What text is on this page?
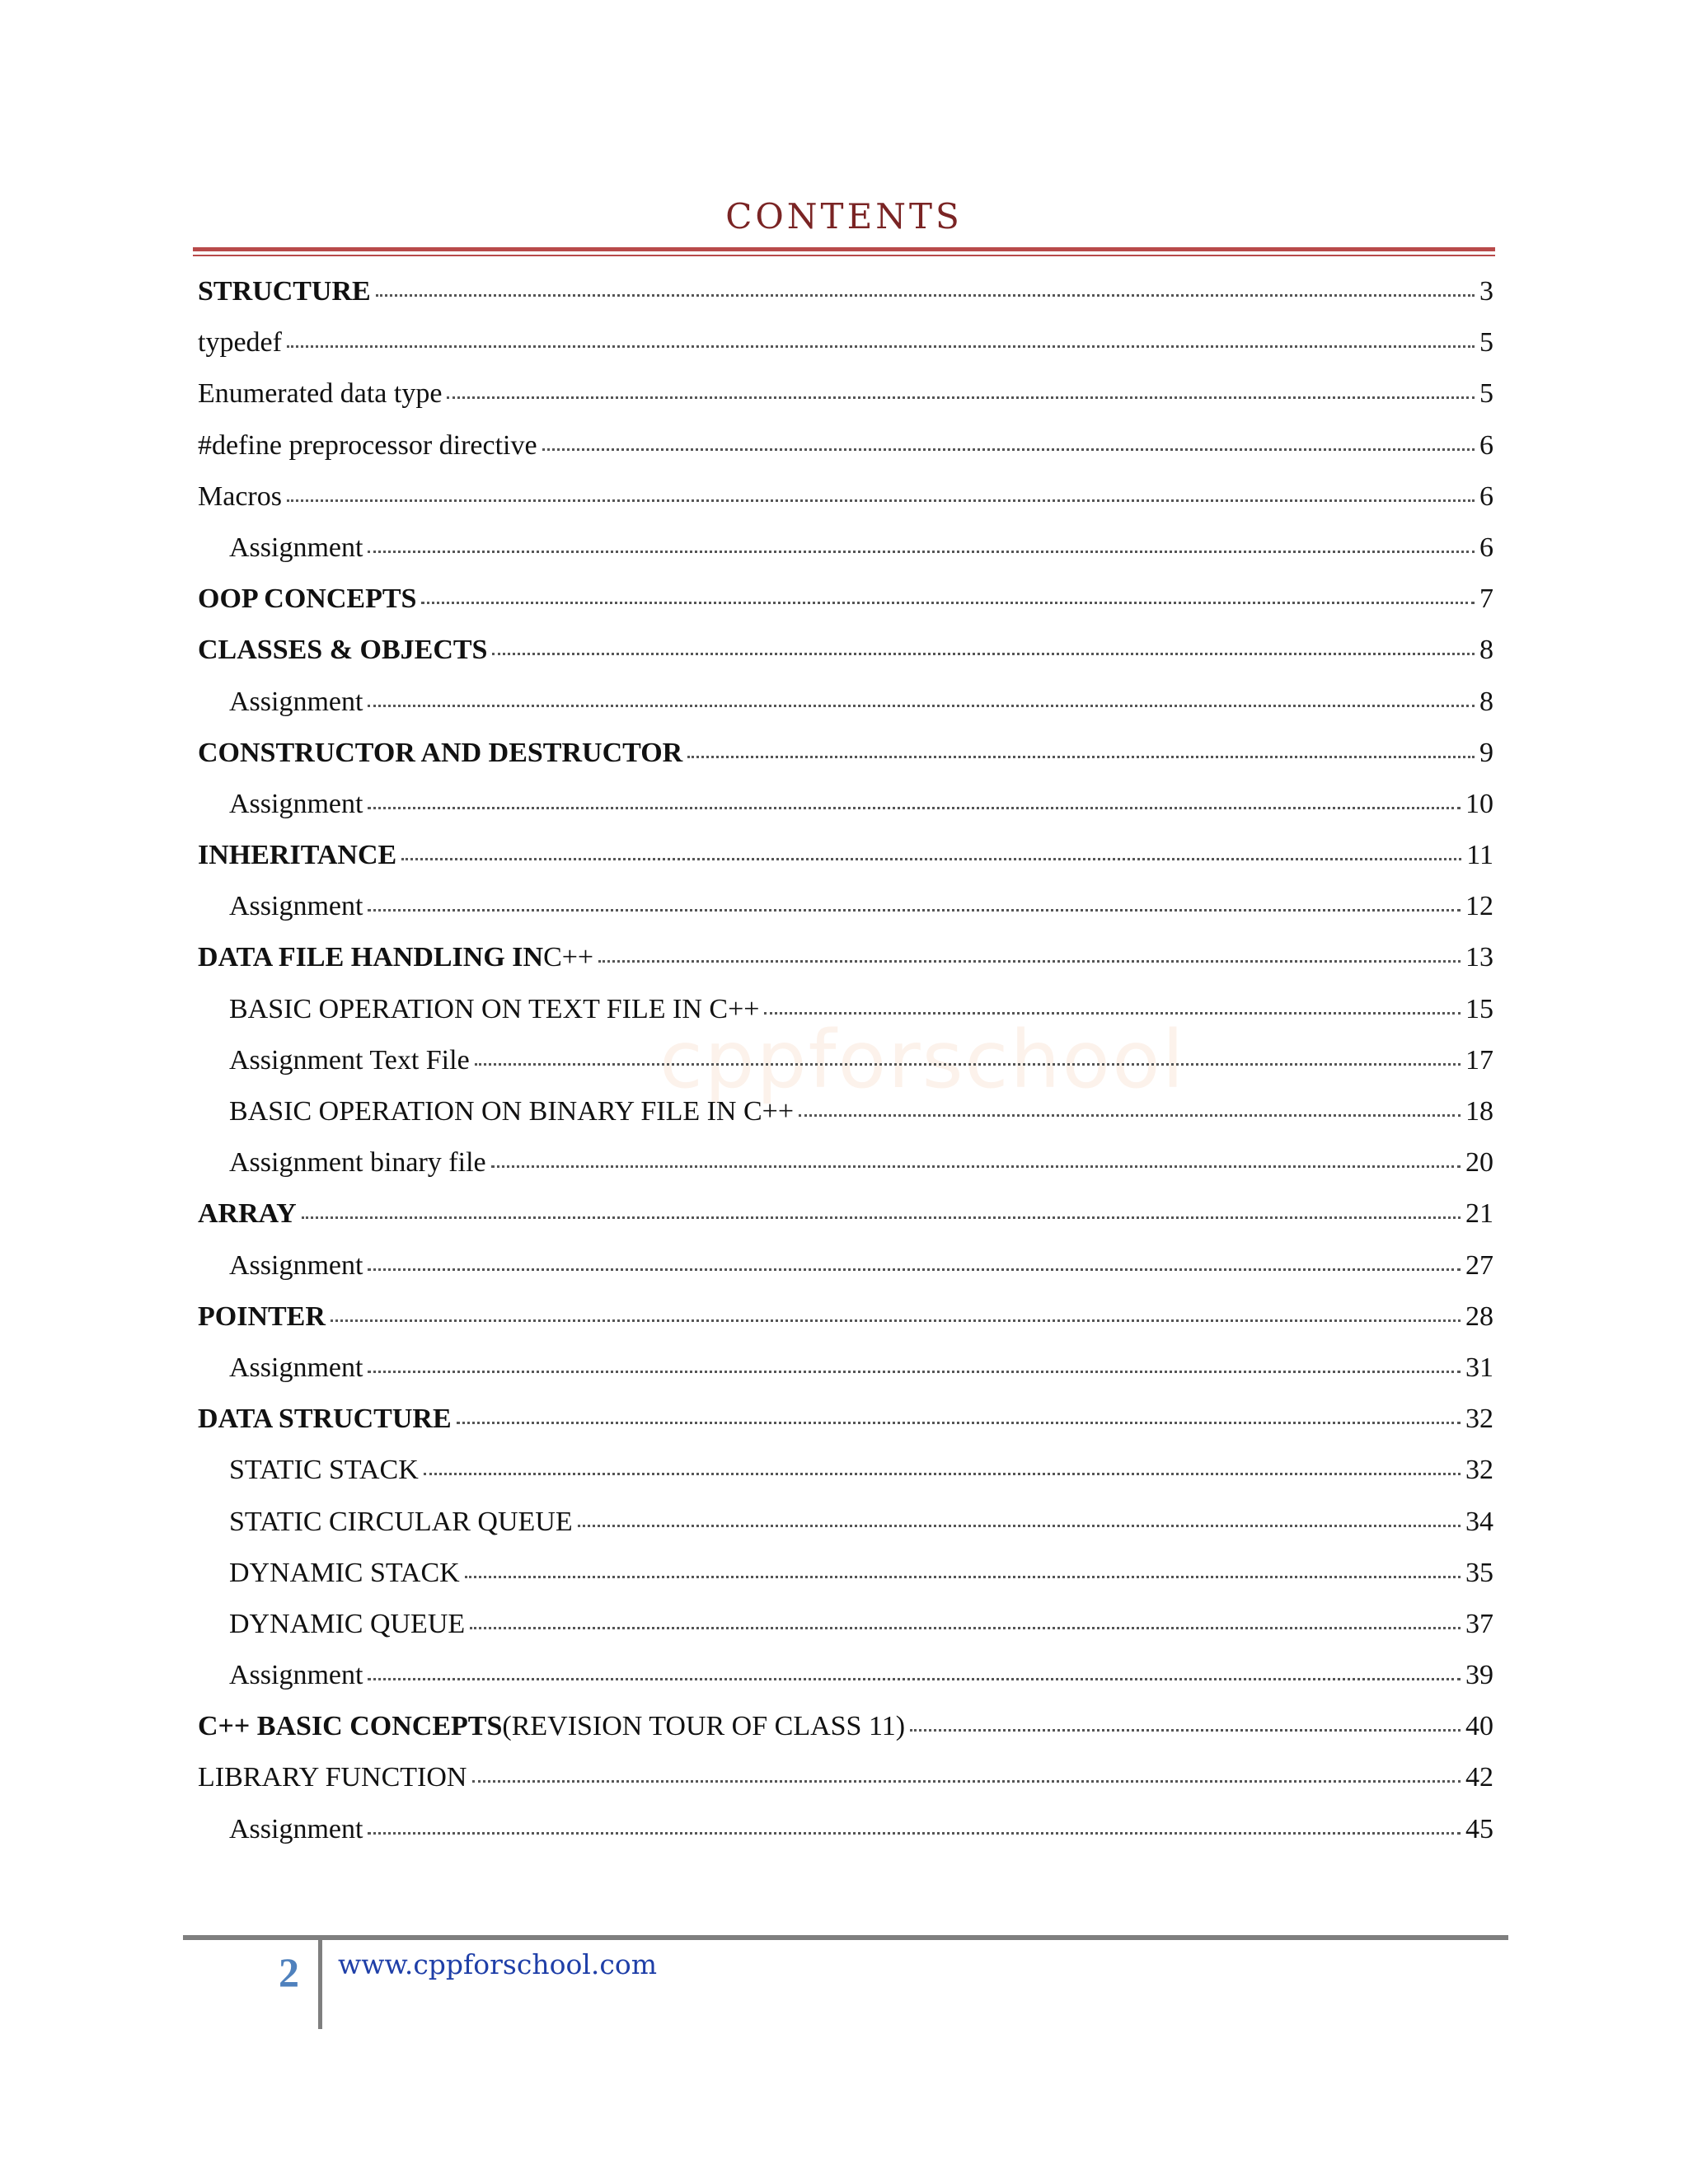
CONTENTS
cppforschool
STRUCTURE	3
typedef	5
Enumerated data type	5
#define preprocessor directive	6
Macros	6
Assignment	6
OOP CONCEPTS	7
CLASSES & OBJECTS	8
Assignment	8
CONSTRUCTOR AND DESTRUCTOR	9
Assignment	10
INHERITANCE	11
Assignment	12
DATA FILE HANDLING IN C++	13
BASIC OPERATION ON TEXT FILE IN C++	15
Assignment Text File	17
BASIC OPERATION ON BINARY FILE IN C++	18
Assignment binary file	20
ARRAY	21
Assignment	27
POINTER	28
Assignment	31
DATA STRUCTURE	32
STATIC STACK	32
STATIC CIRCULAR QUEUE	34
DYNAMIC STACK	35
DYNAMIC QUEUE	37
Assignment	39
C++ BASIC CONCEPTS (REVISION TOUR OF CLASS 11)	40
LIBRARY FUNCTION	42
Assignment	45
2 www.cppforschool.com
